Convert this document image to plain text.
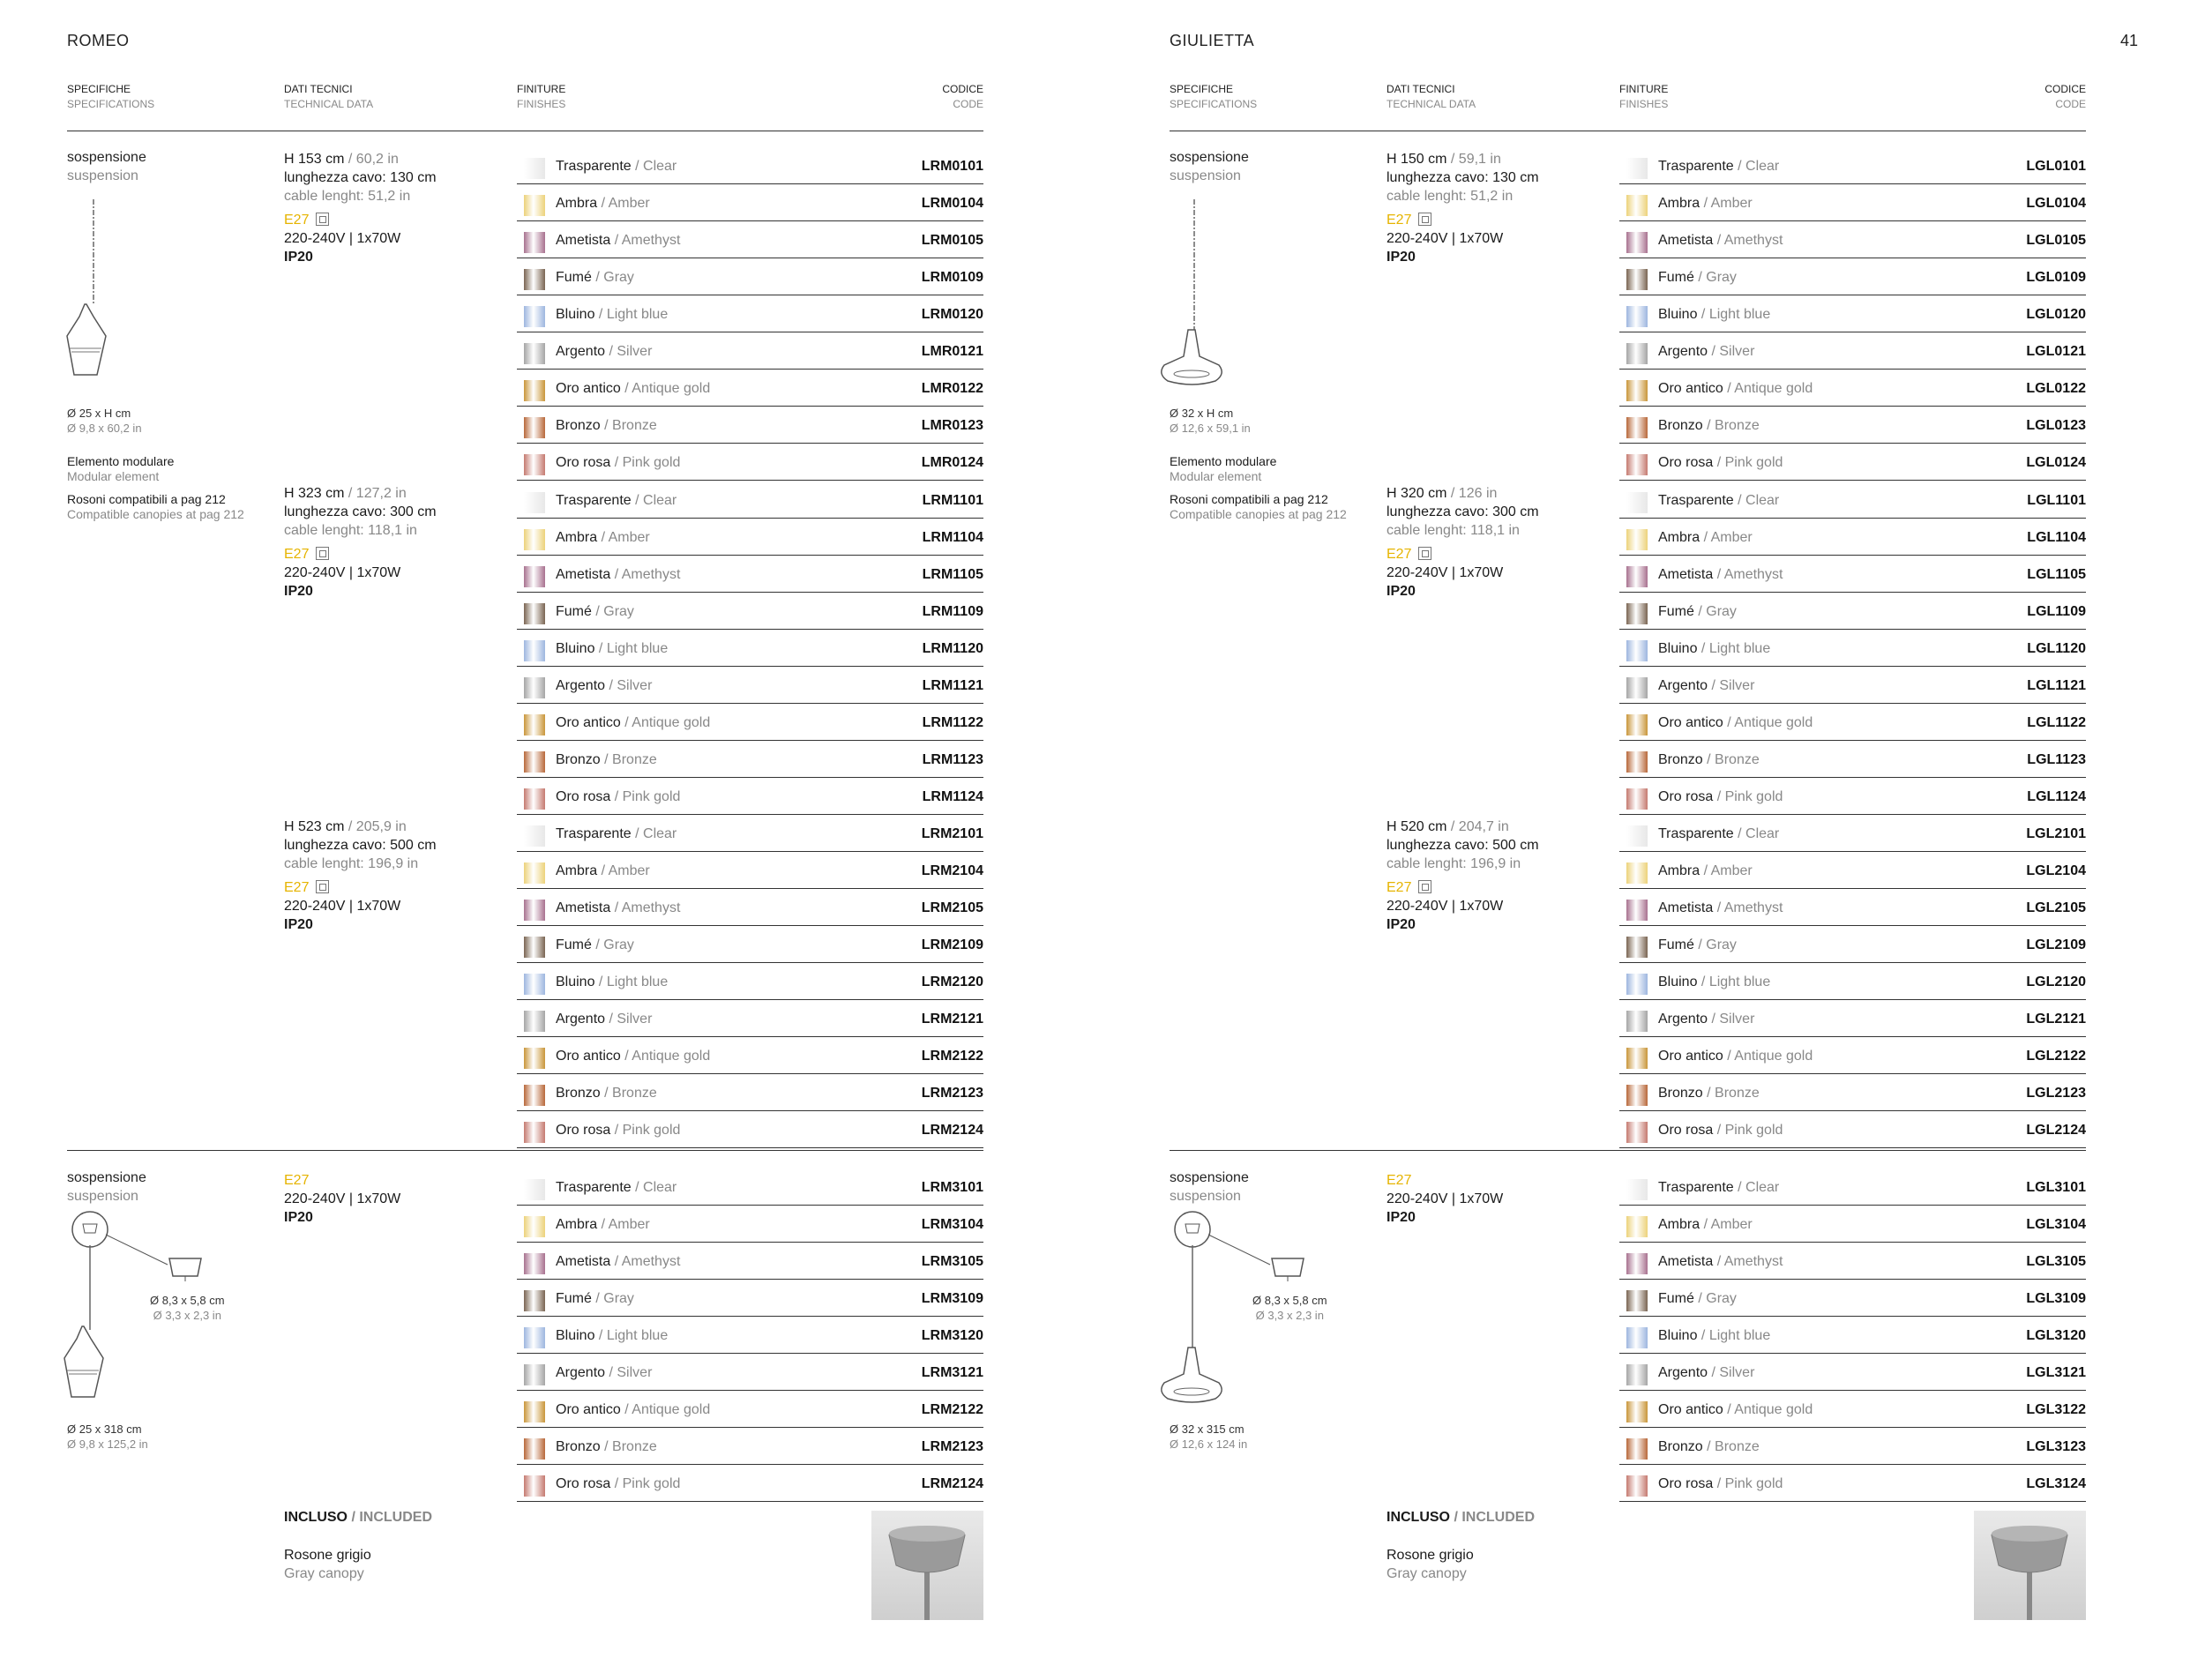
ROMEO
SPECIFICHE
SPECIFICATIONS
DATI TECNICI
TECHNICAL DATA
FINITURE
FINISHES
CODICE
CODE
sospensione
suspension
Ø 25 x H cm
Ø 9,8 x 60,2 in
Elemento modulare
Modular element
Rosoni compatibili a pag 212
Compatible canopies at pag 212
sospensione
suspension
Ø 8,3 x 5,8 cm
Ø 3,3 x 2,3 in
Ø 25 x 318 cm
Ø 9,8 x 125,2 in
H 153 cm / 60,2 in
lunghezza cavo: 130 cm
cable lenght: 51,2 in

E27
220-240V | 1x70W
IP20
Trasparente / Clear	LRM0101
Ambra / Amber	LRM0104
Ametista / Amethyst	LRM0105
Fumé / Gray	LRM0109
Bluino / Light blue	LRM0120
Argento / Silver	LMR0121
Oro antico / Antique gold	LMR0122
Bronzo / Bronze	LMR0123
Oro rosa / Pink gold	LMR0124
H 323 cm / 127,2 in
lunghezza cavo: 300 cm
cable lenght: 118,1 in

E27
220-240V | 1x70W
IP20
Trasparente / Clear	LRM1101
Ambra / Amber	LRM1104
Ametista / Amethyst	LRM1105
Fumé / Gray	LRM1109
Bluino / Light blue	LRM1120
Argento / Silver	LRM1121
Oro antico / Antique gold	LRM1122
Bronzo / Bronze	LRM1123
Oro rosa / Pink gold	LRM1124
H 523 cm / 205,9 in
lunghezza cavo: 500 cm
cable lenght: 196,9 in

E27
220-240V | 1x70W
IP20
Trasparente / Clear	LRM2101
Ambra / Amber	LRM2104
Ametista / Amethyst	LRM2105
Fumé / Gray	LRM2109
Bluino / Light blue	LRM2120
Argento / Silver	LRM2121
Oro antico / Antique gold	LRM2122
Bronzo / Bronze	LRM2123
Oro rosa / Pink gold	LRM2124
E27
220-240V | 1x70W
IP20
Trasparente / Clear	LRM3101
Ambra / Amber	LRM3104
Ametista / Amethyst	LRM3105
Fumé / Gray	LRM3109
Bluino / Light blue	LRM3120
Argento / Silver	LRM3121
Oro antico / Antique gold	LRM2122
Bronzo / Bronze	LRM2123
Oro rosa / Pink gold	LRM2124
INCLUSO / INCLUDED
Rosone grigio
Gray canopy
GIULIETTA	41
SPECIFICHE
SPECIFICATIONS
DATI TECNICI
TECHNICAL DATA
FINITURE
FINISHES
CODICE
CODE
sospensione
suspension
Ø 32 x H cm
Ø 12,6 x 59,1 in
Elemento modulare
Modular element
Rosoni compatibili a pag 212
Compatible canopies at pag 212
sospensione
suspension
Ø 8,3 x 5,8 cm
Ø 3,3 x 2,3 in
Ø 32 x 315 cm
Ø 12,6 x 124 in
H 150 cm / 59,1 in
lunghezza cavo: 130 cm
cable lenght: 51,2 in

E27
220-240V | 1x70W
IP20
Trasparente / Clear	LGL0101
Ambra / Amber	LGL0104
Ametista / Amethyst	LGL0105
Fumé / Gray	LGL0109
Bluino / Light blue	LGL0120
Argento / Silver	LGL0121
Oro antico / Antique gold	LGL0122
Bronzo / Bronze	LGL0123
Oro rosa / Pink gold	LGL0124
H 320 cm / 126 in
lunghezza cavo: 300 cm
cable lenght: 118,1 in

E27
220-240V | 1x70W
IP20
Trasparente / Clear	LGL1101
Ambra / Amber	LGL1104
Ametista / Amethyst	LGL1105
Fumé / Gray	LGL1109
Bluino / Light blue	LGL1120
Argento / Silver	LGL1121
Oro antico / Antique gold	LGL1122
Bronzo / Bronze	LGL1123
Oro rosa / Pink gold	LGL1124
H 520 cm / 204,7 in
lunghezza cavo: 500 cm
cable lenght: 196,9 in

E27
220-240V | 1x70W
IP20
Trasparente / Clear	LGL2101
Ambra / Amber	LGL2104
Ametista / Amethyst	LGL2105
Fumé / Gray	LGL2109
Bluino / Light blue	LGL2120
Argento / Silver	LGL2121
Oro antico / Antique gold	LGL2122
Bronzo / Bronze	LGL2123
Oro rosa / Pink gold	LGL2124
E27
220-240V | 1x70W
IP20
Trasparente / Clear	LGL3101
Ambra / Amber	LGL3104
Ametista / Amethyst	LGL3105
Fumé / Gray	LGL3109
Bluino / Light blue	LGL3120
Argento / Silver	LGL3121
Oro antico / Antique gold	LGL3122
Bronzo / Bronze	LGL3123
Oro rosa / Pink gold	LGL3124
INCLUSO / INCLUDED
Rosone grigio
Gray canopy
